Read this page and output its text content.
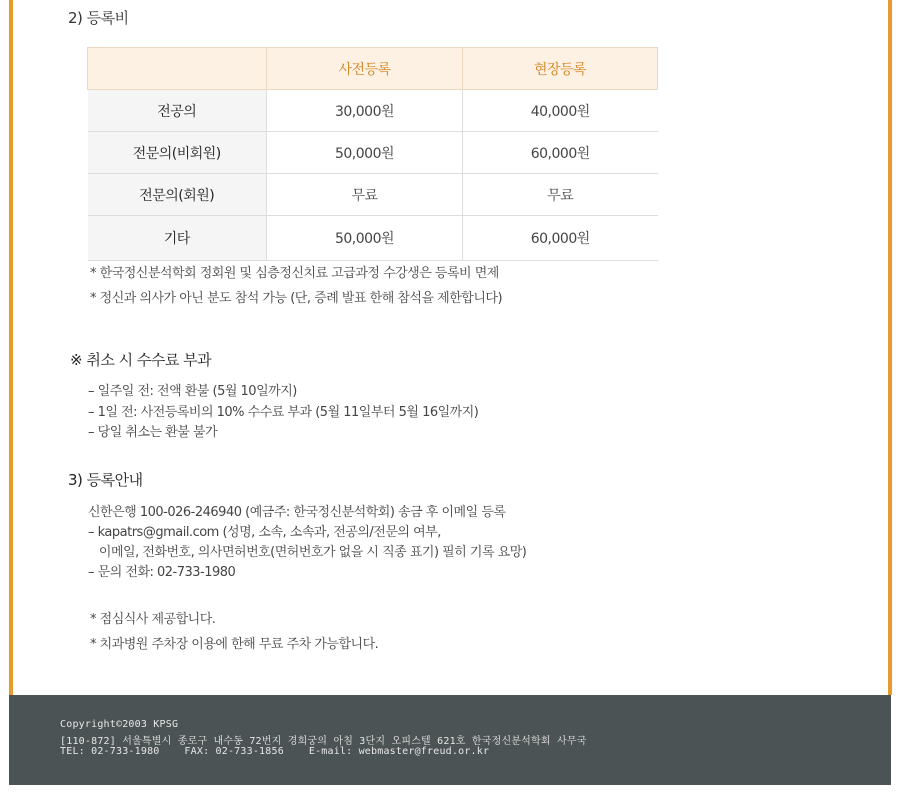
2) 등록비
	사전등록	현장등록
전공의	30,000원	40,000원
전문의(비회원)	50,000원	60,000원
전문의(회원)	무료	무료
기타	50,000원	60,000원
* 한국정신분석학회 정회원 및 심층정신치료 고급과정 수강생은 등록비 면제
* 정신과 의사가 아닌 분도 참석 가능 (단, 증례 발표 한해 참석을 제한합니다)
※ 취소 시 수수료 부과
– 일주일 전: 전액 환불 (5월 10일까지)
– 1일 전: 사전등록비의 10% 수수료 부과 (5월 11일부터 5월 16일까지)
– 당일 취소는 환불 불가
3) 등록안내
신한은행 100-026-246940 (예금주: 한국정신분석학회) 송금 후 이메일 등록
– kapatrs@gmail.com (성명, 소속, 소속과, 전공의/전문의 여부,
이메일, 전화번호, 의사면허번호(면허번호가 없을 시 직종 표기) 필히 기록 요망)
– 문의 전화: 02-733-1980
* 점심식사 제공합니다.
* 치과병원 주차장 이용에 한해 무료 주차 가능합니다.
Copyright©2003 KPSG
[110-872] 서울특별시 종로구 내수동 72번지 경희궁의 아침 3단지 오피스텔 621호 한국정신분석학회 사무국
TEL: 02-733-1980    FAX: 02-733-1856    E-mail: webmaster@freud.or.kr
